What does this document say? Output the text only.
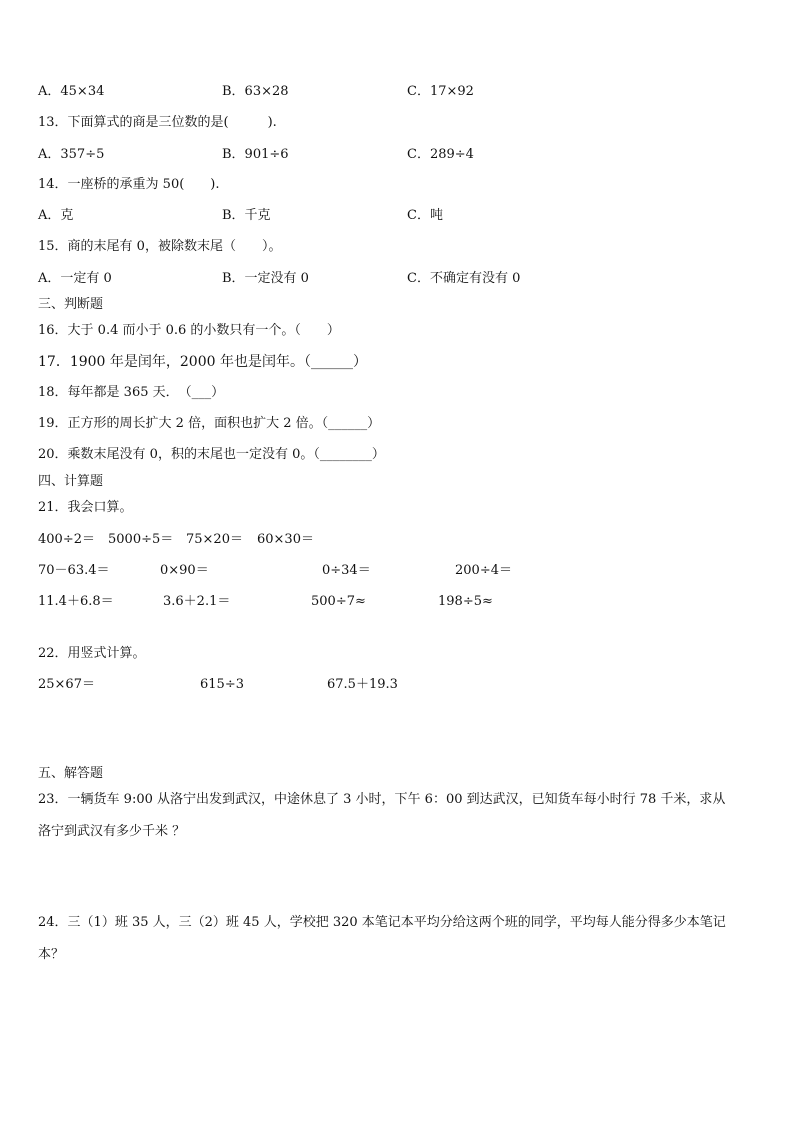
A．45×34	B．63×28	C．17×92
13．下面算式的商是三位数的是(　　　).
A．357÷5	B．901÷6	C．289÷4
14．一座桥的承重为 50(　　).
A．克	B．千克	C．吨
15．商的末尾有 0，被除数末尾（　　）。
A．一定有 0	B．一定没有 0	C．不确定有没有 0
三、判断题
16．大于 0.4 而小于 0.6 的小数只有一个。（　　）
17．1900 年是闰年，2000 年也是闰年。（______）
18．每年都是 365 天．　（___）
19．正方形的周长扩大 2 倍，面积也扩大 2 倍。（______）
20．乘数末尾没有 0，积的末尾也一定没有 0。（________）
四、计算题
21．我会口算。
400÷2＝ 5000÷5＝ 75×20＝ 60×30＝
70－63.4＝	0×90＝	0÷34＝	200÷4＝
11.4＋6.8＝	3.6＋2.1＝	500÷7≈	198÷5≈
22．用竖式计算。
25×67＝	615÷3	67.5＋19.3
五、解答题
23．一辆货车 9:00 从洛宁出发到武汉，中途休息了 3 小时，下午 6：00 到达武汉，已知货车每小时行 78 千米，求从
洛宁到武汉有多少千米 ？
24．三（1）班 35 人，三（2）班 45 人，学校把 320 本笔记本平均分给这两个班的同学，平均每人能分得多少本笔记
本？
